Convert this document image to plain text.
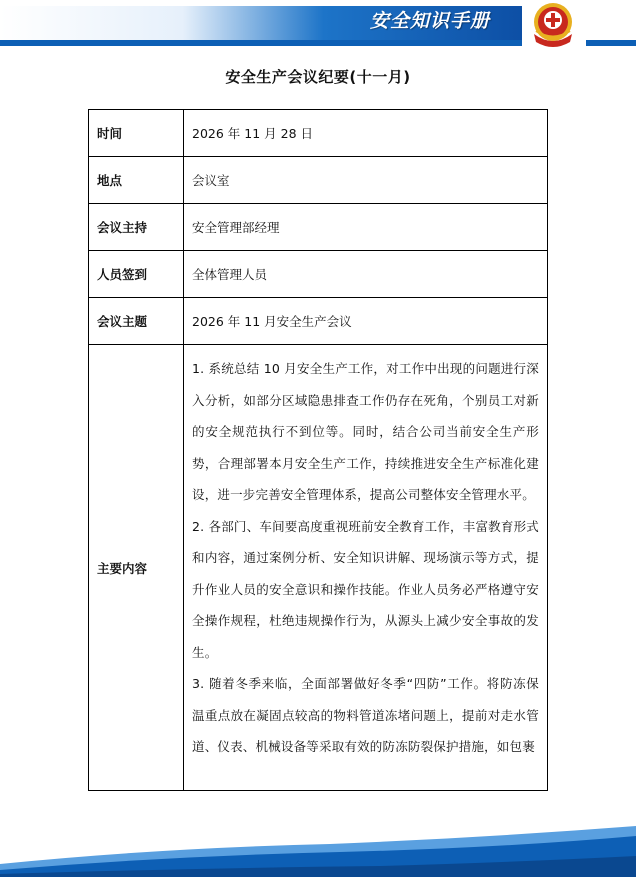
安全知识手册
安全生产会议纪要(十一月)
时间	2026 年 11 月 28 日
地点	会议室
会议主持	安全管理部经理
人员签到	全体管理人员
会议主题	2026 年 11 月安全生产会议
主要内容	1. 系统总结 10 月安全生产工作，对工作中出现的问题进行深入分析，如部分区域隐患排查工作仍存在死角，个别员工对新的安全规范执行不到位等。同时，结合公司当前安全生产形势，合理部署本月安全生产工作，持续推进安全生产标准化建设，进一步完善安全管理体系，提高公司整体安全管理水平。

2. 各部门、车间要高度重视班前安全教育工作，丰富教育形式和内容，通过案例分析、安全知识讲解、现场演示等方式，提升作业人员的安全意识和操作技能。作业人员务必严格遵守安全操作规程，杜绝违规操作行为，从源头上减少安全事故的发生。

3. 随着冬季来临，全面部署做好冬季“四防”工作。将防冻保温重点放在凝固点较高的物料管道冻堵问题上，提前对走水管道、仪表、机械设备等采取有效的防冻防裂保护措施，如包裹
